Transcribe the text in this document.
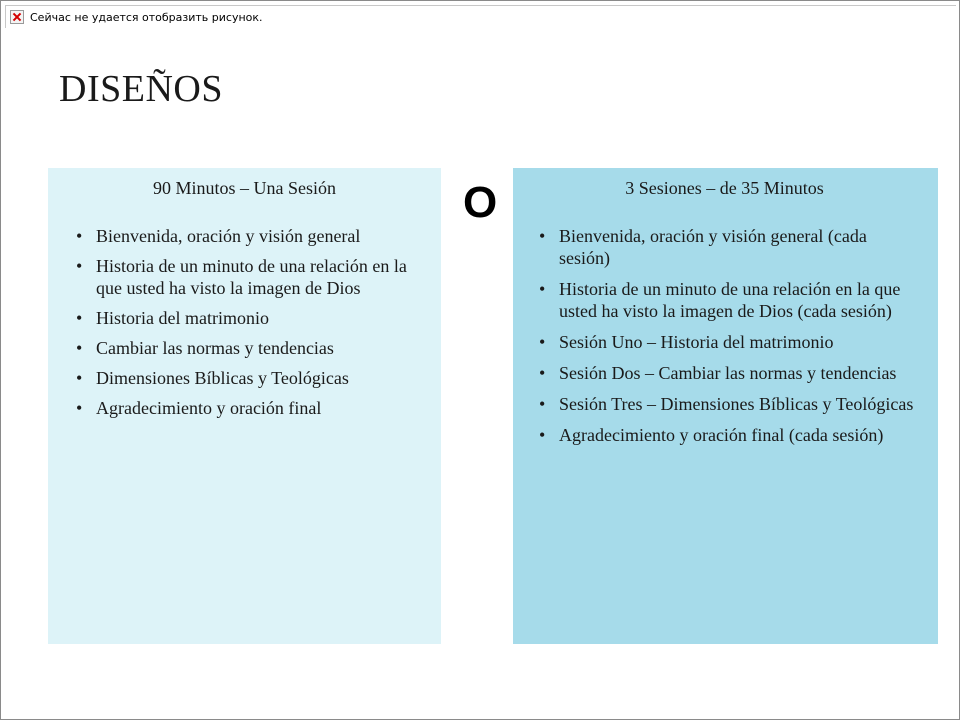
Сейчас не удается отобразить рисунок.
DISEÑOS
90 Minutos – Una Sesión
• Bienvenida, oración y visión general
• Historia de un minuto de una relación en la que usted ha visto la imagen de Dios
• Historia del matrimonio
• Cambiar las normas y tendencias
• Dimensiones Bíblicas y Teológicas
• Agradecimiento y oración final
O	3 Sesiones – de 35 Minutos
• Bienvenida, oración y visión general (cada sesión)
• Historia de un minuto de una relación en la que usted ha visto la imagen de Dios (cada sesión)
• Sesión Uno – Historia del matrimonio
• Sesión Dos – Cambiar las normas y tendencias
• Sesión Tres – Dimensiones Bíblicas y Teológicas
• Agradecimiento y oración final (cada sesión)
